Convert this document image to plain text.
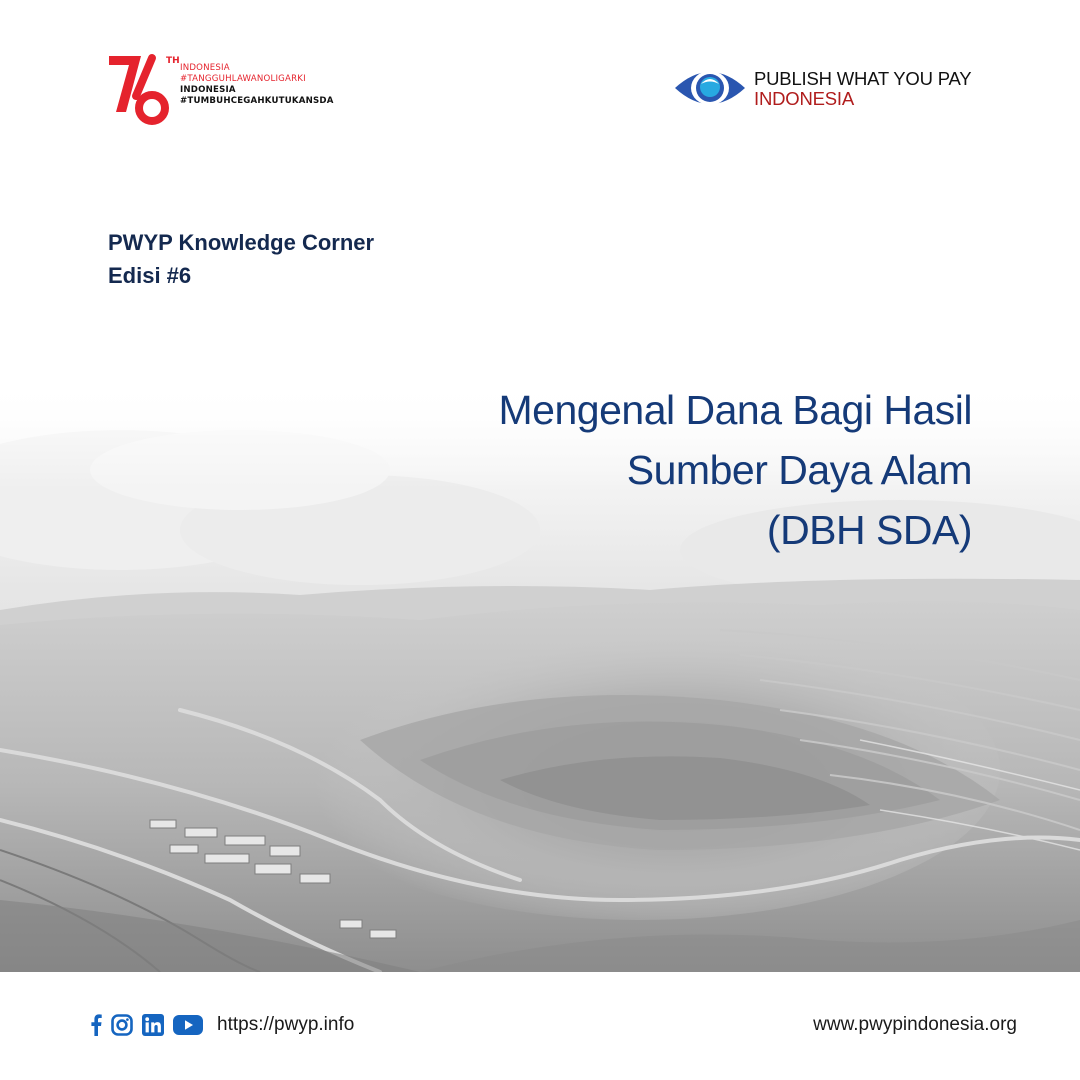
TH
INDONESIA
#TANGGUHLAWANOLIGARKI
INDONESIA
#TUMBUHCEGAHKUTUKANSDA
PUBLISH WHAT YOU PAY
INDONESIA
PWYP Knowledge Corner
Edisi #6
Mengenal Dana Bagi Hasil
Sumber Daya Alam
(DBH SDA)
https://pwyp.info	www.pwypindonesia.org
